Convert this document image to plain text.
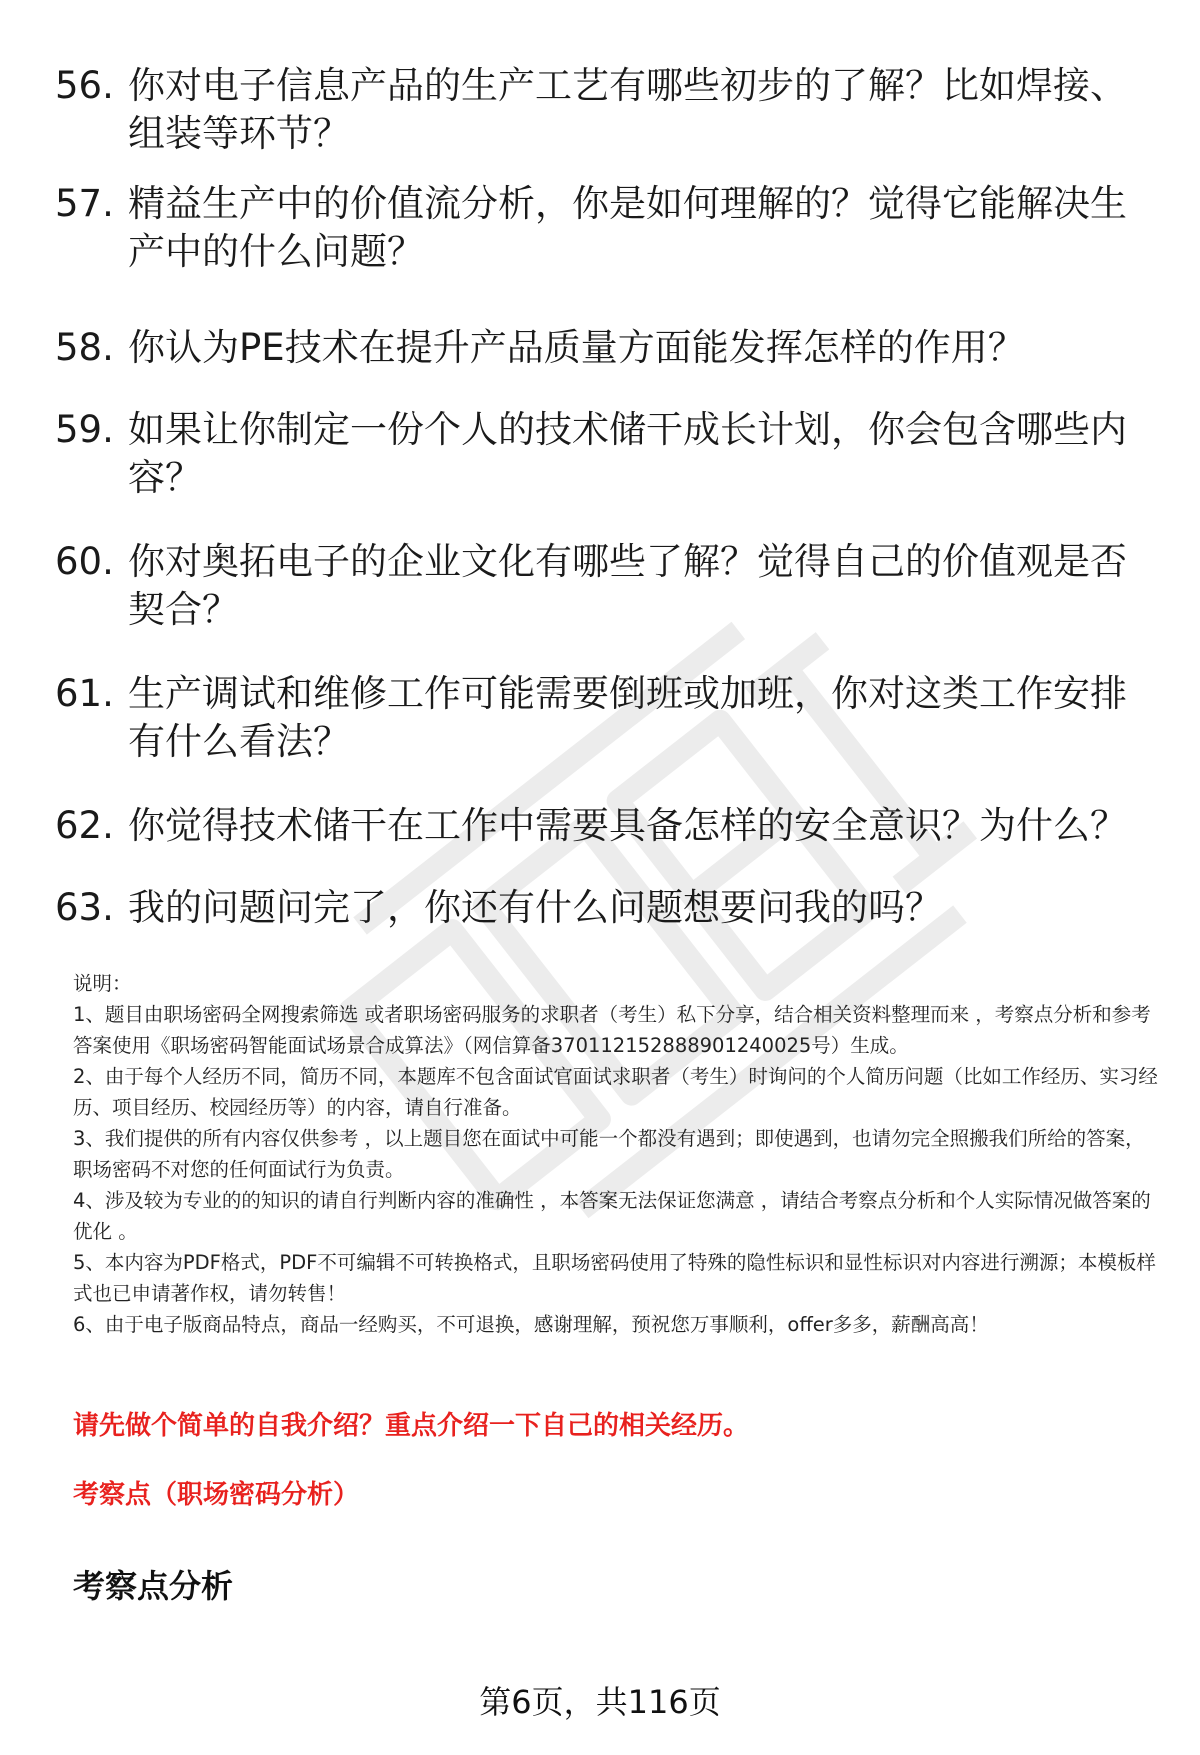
56. 你对电子信息产品的生产工艺有哪些初步的了解？比如焊接、组装等环节？
57. 精益生产中的价值流分析，你是如何理解的？觉得它能解决生产中的什么问题？
58. 你认为PE技术在提升产品质量方面能发挥怎样的作用？
59. 如果让你制定一份个人的技术储干成长计划，你会包含哪些内容？
60. 你对奥拓电子的企业文化有哪些了解？觉得自己的价值观是否契合？
61. 生产调试和维修工作可能需要倒班或加班，你对这类工作安排有什么看法？
62. 你觉得技术储干在工作中需要具备怎样的安全意识？为什么？
63. 我的问题问完了，你还有什么问题想要问我的吗？

说明：

1、题目由职场密码全网搜索筛选 或者职场密码服务的求职者（考生）私下分享，结合相关资料整理而来 ，考察点分析和参考答案使用《职场密码智能面试场景合成算法》（网信算备370112152888901240025号）生成。

2、由于每个人经历不同，简历不同，本题库不包含面试官面试求职者（考生）时询问的个人简历问题（比如工作经历、实习经历、项目经历、校园经历等）的内容，请自行准备。

3、我们提供的所有内容仅供参考 ，以上题目您在面试中可能一个都没有遇到；即使遇到，也请勿完全照搬我们所给的答案，职场密码不对您的任何面试行为负责。

4、涉及较为专业的的知识的请自行判断内容的准确性 ，本答案无法保证您满意 ，请结合考察点分析和个人实际情况做答案的优化 。

5、本内容为PDF格式，PDF不可编辑不可转换格式，且职场密码使用了特殊的隐性标识和显性标识对内容进行溯源；本模板样式也已申请著作权，请勿转售！

6、由于电子版商品特点，商品一经购买，不可退换，感谢理解，预祝您万事顺利，offer多多，薪酬高高！

请先做个简单的自我介绍？重点介绍一下自己的相关经历。
考察点（职场密码分析）
考察点分析
第6页，共116页
